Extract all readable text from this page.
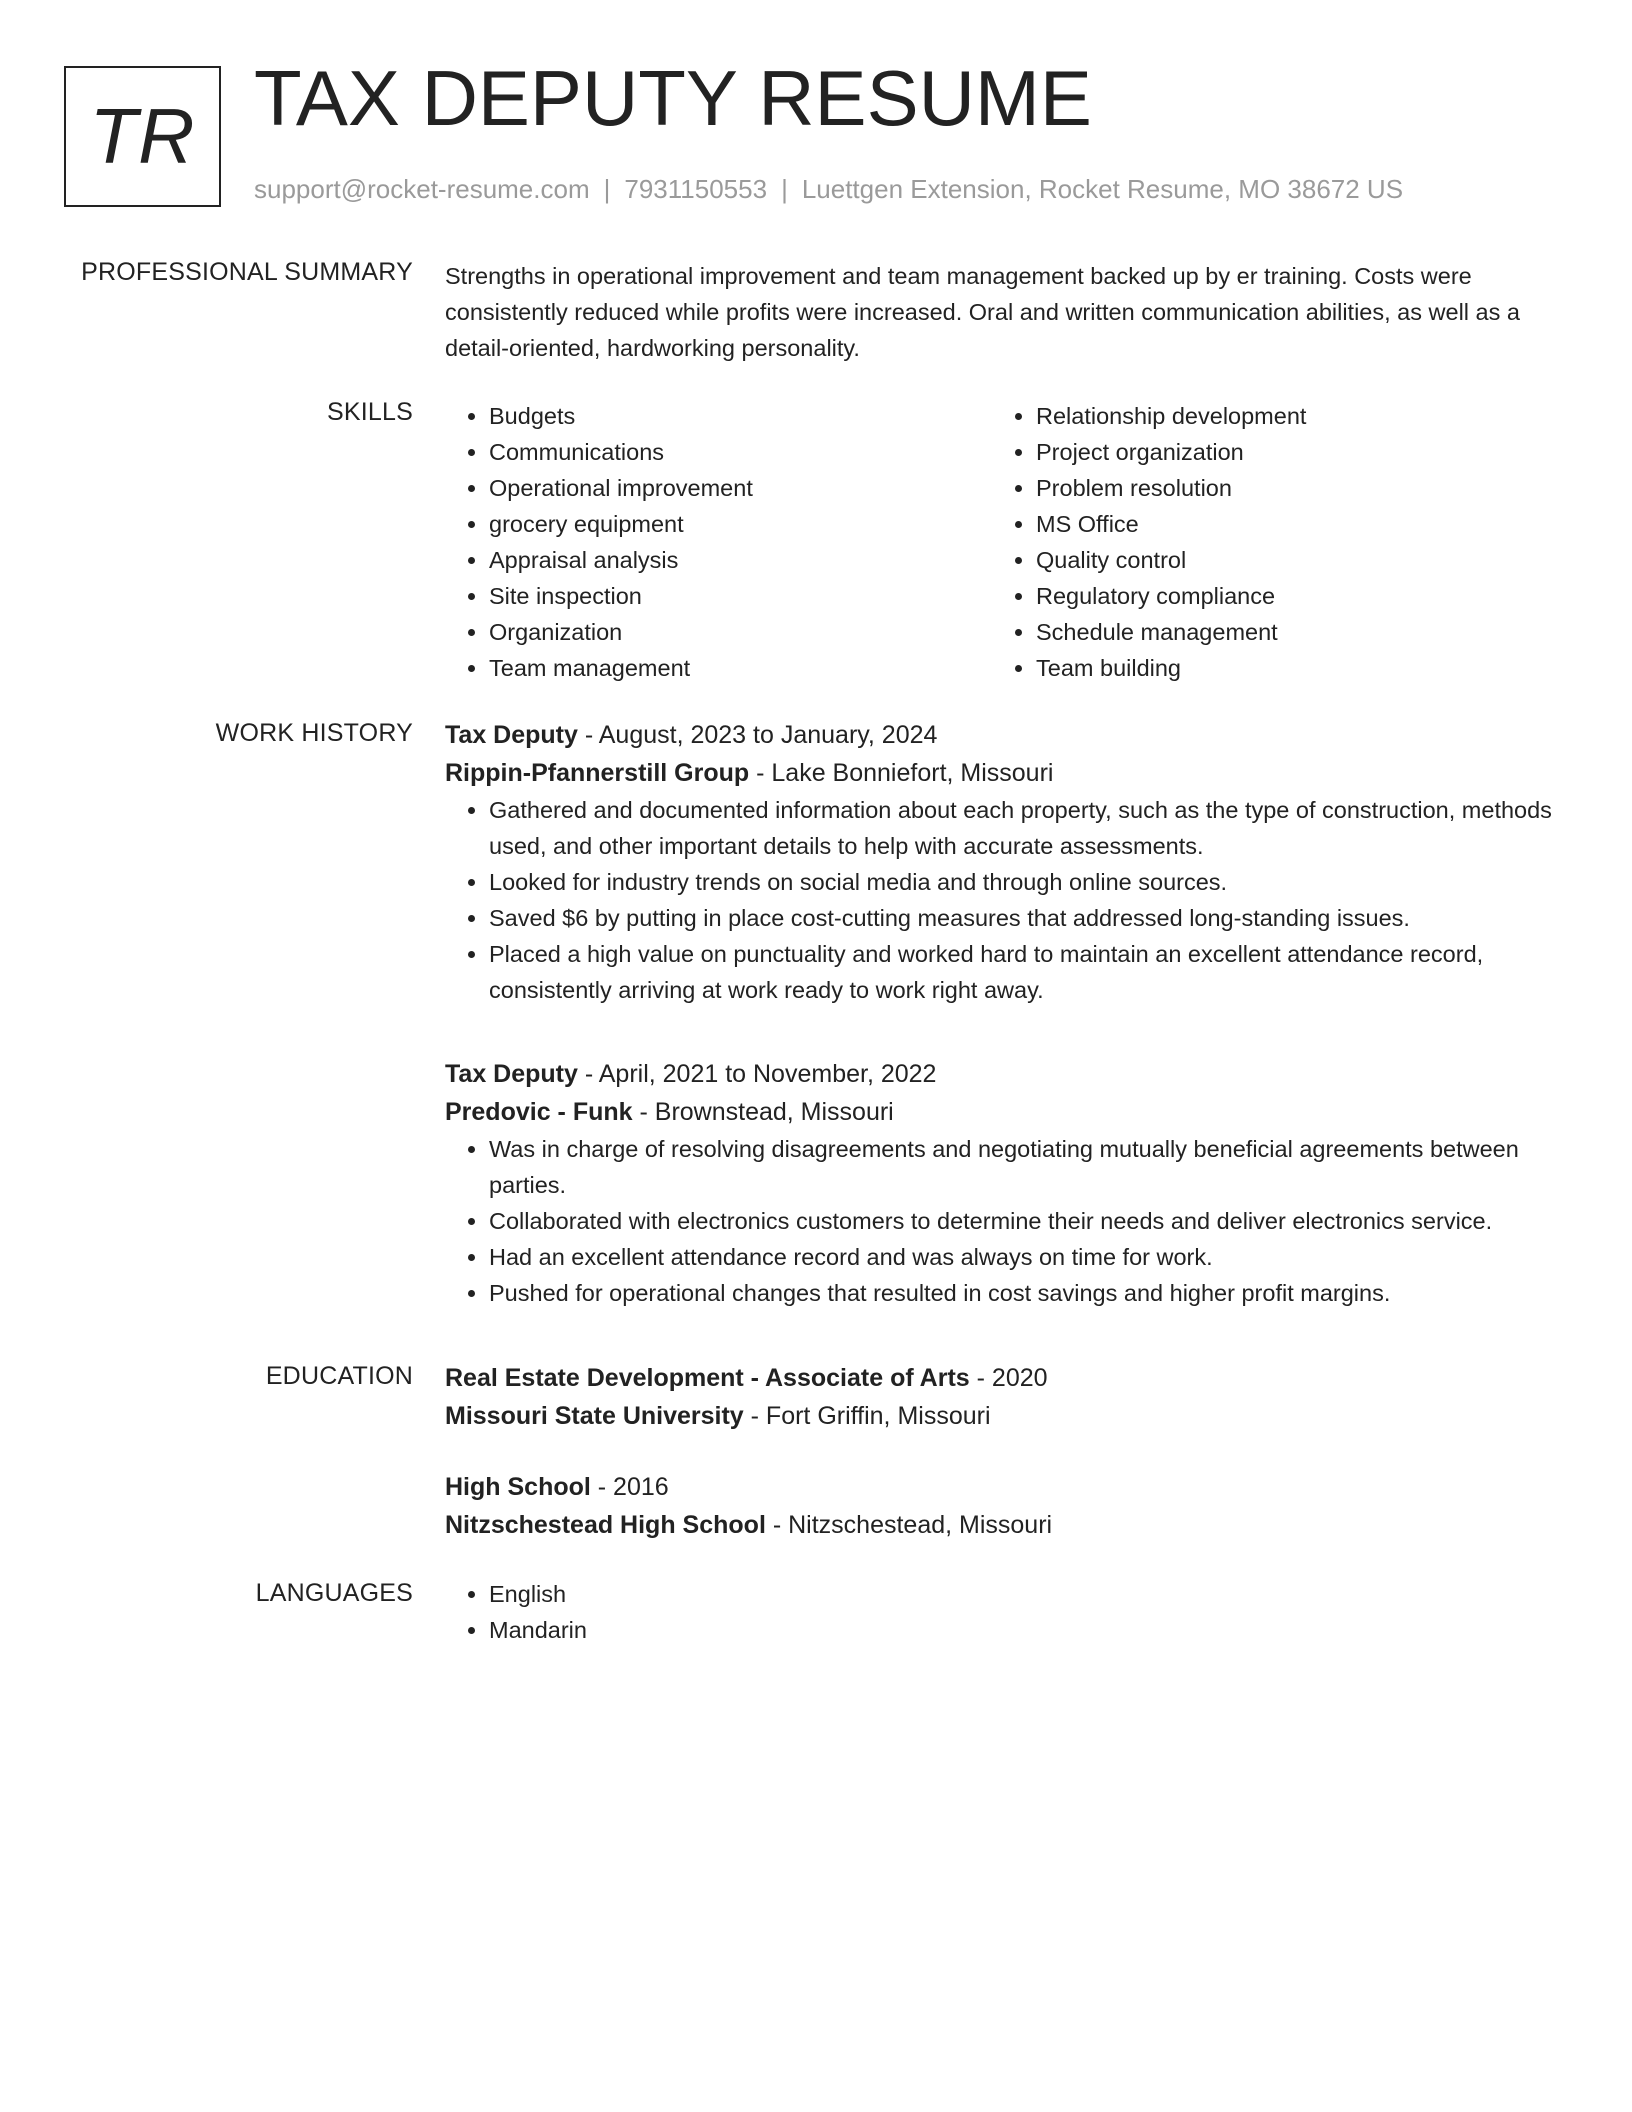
TR TAX DEPUTY RESUME
support@rocket-resume.com | 7931150553 | Luettgen Extension, Rocket Resume, MO 38672 US
PROFESSIONAL SUMMARY Strengths in operational improvement and team management backed up by er training. Costs were consistently reduced while profits were increased. Oral and written communication abilities, as well as a detail-oriented, hardworking personality.

SKILLS	• Budgets
• Communications
• Operational improvement
• grocery equipment
• Appraisal analysis
• Site inspection
• Organization
• Team management
• Relationship development
• Project organization
• Problem resolution
• MS Office
• Quality control
• Regulatory compliance
• Schedule management
• Team building
WORK HISTORY Tax Deputy - August, 2023 to January, 2024
Rippin-Pfannerstill Group - Lake Bonniefort, Missouri
• Gathered and documented information about each property, such as the type of construction, methods used, and other important details to help with accurate assessments.
• Looked for industry trends on social media and through online sources.
• Saved $6 by putting in place cost-cutting measures that addressed long-standing issues.
• Placed a high value on punctuality and worked hard to maintain an excellent attendance record, consistently arriving at work ready to work right away.
Tax Deputy - April, 2021 to November, 2022
Predovic - Funk - Brownstead, Missouri
• Was in charge of resolving disagreements and negotiating mutually beneficial agreements between parties.
• Collaborated with electronics customers to determine their needs and deliver electronics service.
• Had an excellent attendance record and was always on time for work.
• Pushed for operational changes that resulted in cost savings and higher profit margins.
EDUCATION Real Estate Development - Associate of Arts - 2020
Missouri State University - Fort Griffin, Missouri
High School - 2016
Nitzschestead High School - Nitzschestead, Missouri
LANGUAGES	• English
• Mandarin
